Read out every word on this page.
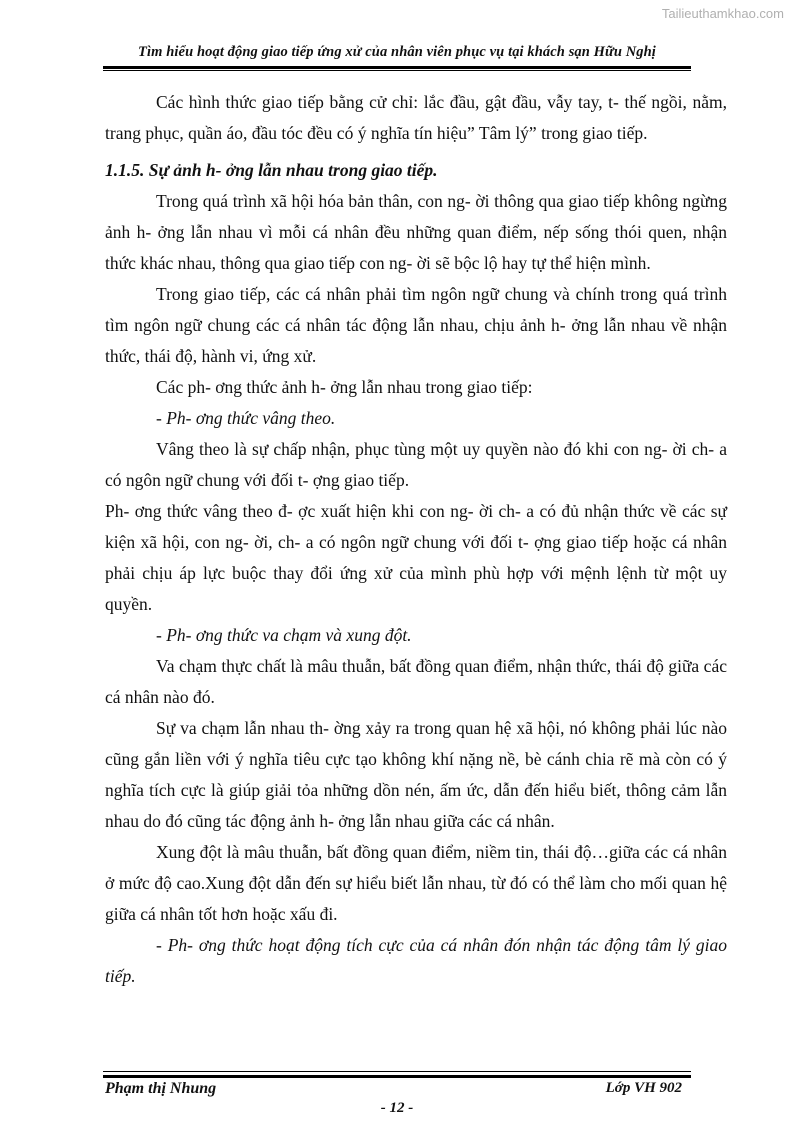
Tailieuthamkhao.com
Tìm hiểu hoạt động giao tiếp ứng xử của nhân viên phục vụ tại khách sạn Hữu Nghị

Các hình thức giao tiếp bằng cử chỉ: lắc đầu, gật đầu, vẫy tay, t- thế ngồi, nằm, trang phục, quần áo, đầu tóc đều có ý nghĩa tín hiệu” Tâm lý” trong giao tiếp.

1.1.5. Sự ảnh h- ởng lẫn nhau trong giao tiếp.

Trong quá trình xã hội hóa bản thân, con ng- ời thông qua giao tiếp không ngừng ảnh h- ởng lẫn nhau vì mỗi cá nhân đều những quan điểm, nếp sống thói quen, nhận thức khác nhau, thông qua giao tiếp con ng- ời sẽ bộc lộ hay tự thể hiện mình.

Trong giao tiếp, các cá nhân phải tìm ngôn ngữ chung và chính trong quá trình tìm ngôn ngữ chung các cá nhân tác động lẫn nhau, chịu ảnh h- ởng lẫn nhau về nhận thức, thái độ, hành vi, ứng xử.

Các ph- ơng thức ảnh h- ởng lẫn nhau trong giao tiếp:

- Ph- ơng thức vâng theo.

Vâng theo là sự chấp nhận, phục tùng một uy quyền nào đó khi con ng- ời ch- a có ngôn ngữ chung với đối t- ợng giao tiếp.

Ph- ơng thức vâng theo đ- ợc xuất hiện khi con ng- ời ch- a có đủ nhận thức về các sự kiện xã hội, con ng- ời, ch- a có ngôn ngữ chung với đối t- ợng giao tiếp hoặc cá nhân phải chịu áp lực buộc thay đổi ứng xử của mình phù hợp với mệnh lệnh từ một uy quyền.

- Ph- ơng thức va chạm và xung đột.

Va chạm thực chất là mâu thuẫn, bất đồng quan điểm, nhận thức, thái độ giữa các cá nhân nào đó.

Sự va chạm lẫn nhau th- ờng xảy ra trong quan hệ xã hội, nó không phải lúc nào cũng gắn liền với ý nghĩa tiêu cực tạo không khí nặng nề, bè cánh chia rẽ mà còn có ý nghĩa tích cực là giúp giải tỏa những dồn nén, ấm ức, dẫn đến hiểu biết, thông cảm lẫn nhau do đó cũng tác động ảnh h- ởng lẫn nhau giữa các cá nhân.

Xung đột là mâu thuẫn, bất đồng quan điểm, niềm tin, thái độ…giữa các cá nhân ở mức độ cao.Xung đột dẫn đến sự hiểu biết lẫn nhau, từ đó có thể làm cho mối quan hệ giữa cá nhân tốt hơn hoặc xấu đi.

- Ph- ơng thức hoạt động tích cực của cá nhân đón nhận tác động tâm lý giao tiếp.

Phạm thị Nhung	Lớp VH 902
- 12 -
